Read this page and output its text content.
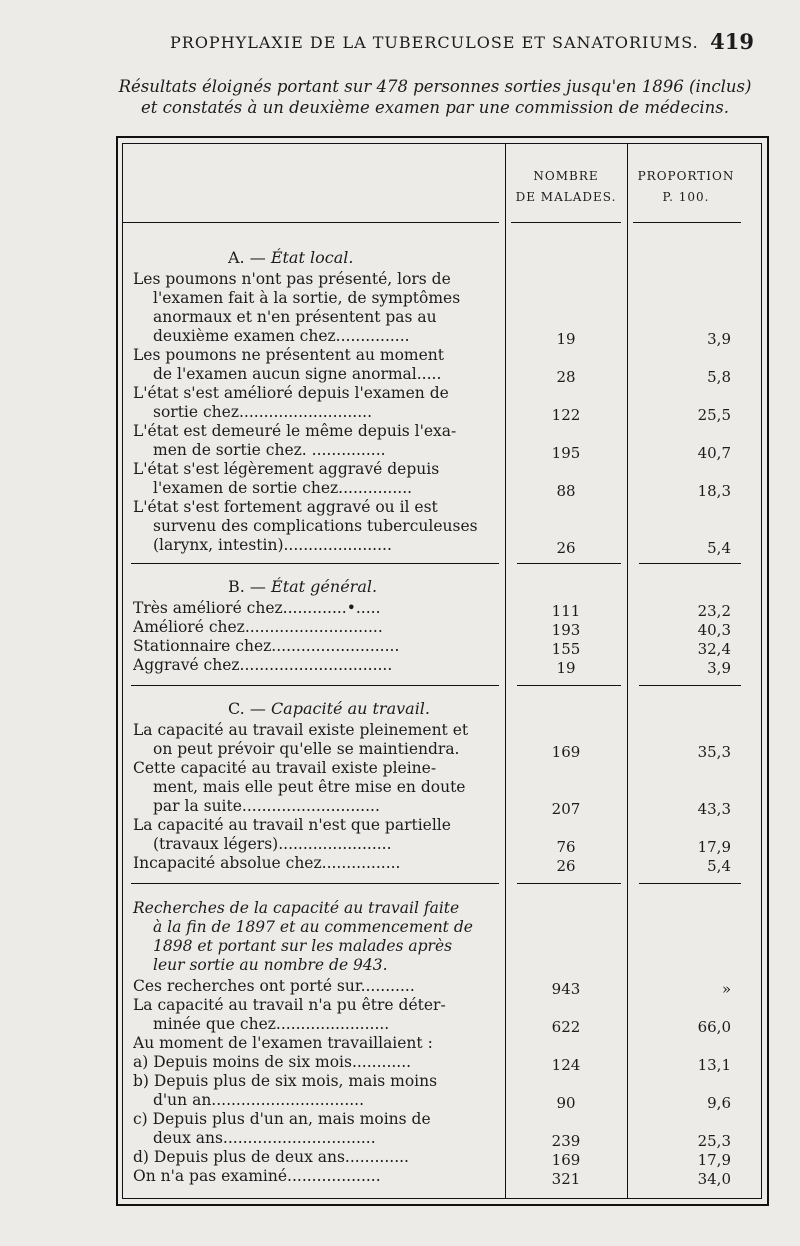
PROPHYLAXIE DE LA TUBERCULOSE ET SANATORIUMS. 419
Résultats éloignés portant sur 478 personnes sorties jusqu'en 1896 (inclus)
et constatés à un deuxième examen par une commission de médecins.
NOMBRE
DE MALADES.
PROPORTION
P. 100.
A. — État local.
Les poumons n'ont pas présenté, lors de
l'examen fait à la sortie, de symptômes
anormaux et n'en présentent pas au
deuxième examen chez...............	19	3,9
Les poumons ne présentent au moment
de l'examen aucun signe anormal.....	28	5,8
L'état s'est amélioré depuis l'examen de
sortie chez...........................	122	25,5
L'état est demeuré le même depuis l'exa-
men de sortie chez. ...............	195	40,7
L'état s'est légèrement aggravé depuis
l'examen de sortie chez...............	88	18,3
L'état s'est fortement aggravé ou il est
survenu des complications tuberculeuses
(larynx, intestin)......................	26	5,4
B. — État général.
Très amélioré chez.............•.....	111	23,2
Amélioré chez............................	193	40,3
Stationnaire chez..........................	155	32,4
Aggravé chez...............................	19	3,9
C. — Capacité au travail.
La capacité au travail existe pleinement et
on peut prévoir qu'elle se maintiendra.	169	35,3
Cette capacité au travail existe pleine-
ment, mais elle peut être mise en doute
par la suite............................	207	43,3
La capacité au travail n'est que partielle
(travaux légers).......................	76	17,9
Incapacité absolue chez................	26	5,4
Recherches de la capacité au travail faite
à la fin de 1897 et au commencement de
1898 et portant sur les malades après
leur sortie au nombre de 943.
Ces recherches ont porté sur...........	943	»
La capacité au travail n'a pu être déter-
minée que chez.......................	622	66,0
Au moment de l'examen travaillaient :
a) Depuis moins de six mois............	124	13,1
b) Depuis plus de six mois, mais moins
d'un an...............................	90	9,6
c) Depuis plus d'un an, mais moins de
deux ans...............................	239	25,3
d) Depuis plus de deux ans.............	169	17,9
On n'a pas examiné...................	321	34,0
